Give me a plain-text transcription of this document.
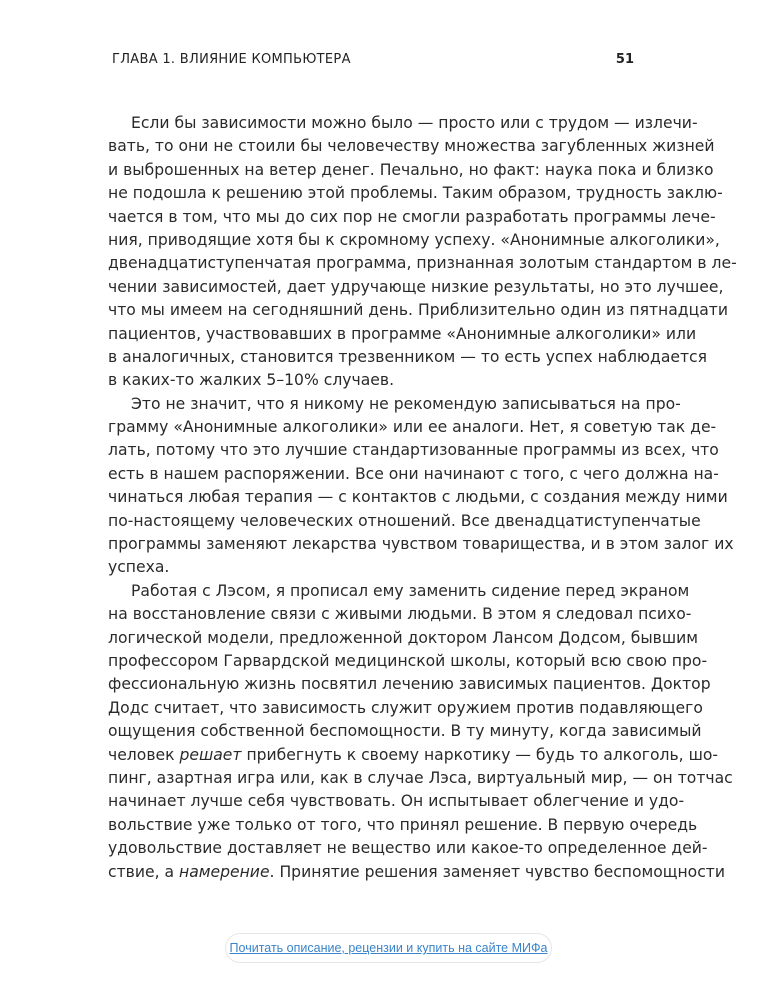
ГЛАВА 1. ВЛИЯНИЕ КОМПЬЮТЕРА	51
Если бы зависимости можно было — просто или с трудом — излечи-
вать, то они не стоили бы человечеству множества загубленных жизней
и выброшенных на ветер денег. Печально, но факт: наука пока и близко
не подошла к решению этой проблемы. Таким образом, трудность заклю-
чается в том, что мы до сих пор не смогли разработать программы лече-
ния, приводящие хотя бы к скромному успеху. «Анонимные алкоголики»,
двенадцатиступенчатая программа, признанная золотым стандартом в ле-
чении зависимостей, дает удручающе низкие результаты, но это лучшее,
что мы имеем на сегодняшний день. Приблизительно один из пятнадцати
пациентов, участвовавших в программе «Анонимные алкоголики» или
в аналогичных, становится трезвенником — то есть успех наблюдается
в каких-то жалких 5–10% случаев.
Это не значит, что я никому не рекомендую записываться на про-
грамму «Анонимные алкоголики» или ее аналоги. Нет, я советую так де-
лать, потому что это лучшие стандартизованные программы из всех, что
есть в нашем распоряжении. Все они начинают с того, с чего должна на-
чинаться любая терапия — с контактов с людьми, с создания между ними
по-настоящему человеческих отношений. Все двенадцатиступенчатые
программы заменяют лекарства чувством товарищества, и в этом залог их
успеха.
Работая с Лэсом, я прописал ему заменить сидение перед экраном
на восстановление связи с живыми людьми. В этом я следовал психо-
логической модели, предложенной доктором Лансом Додсом, бывшим
профессором Гарвардской медицинской школы, который всю свою про-
фессиональную жизнь посвятил лечению зависимых пациентов. Доктор
Додс считает, что зависимость служит оружием против подавляющего
ощущения собственной беспомощности. В ту минуту, когда зависимый
человек решает прибегнуть к своему наркотику — будь то алкоголь, шо-
пинг, азартная игра или, как в случае Лэса, виртуальный мир, — он тотчас
начинает лучше себя чувствовать. Он испытывает облегчение и удо-
вольствие уже только от того, что принял решение. В первую очередь
удовольствие доставляет не вещество или какое-то определенное дей-
ствие, а намерение. Принятие решения заменяет чувство беспомощности
Почитать описание, рецензии и купить на сайте МИФа
